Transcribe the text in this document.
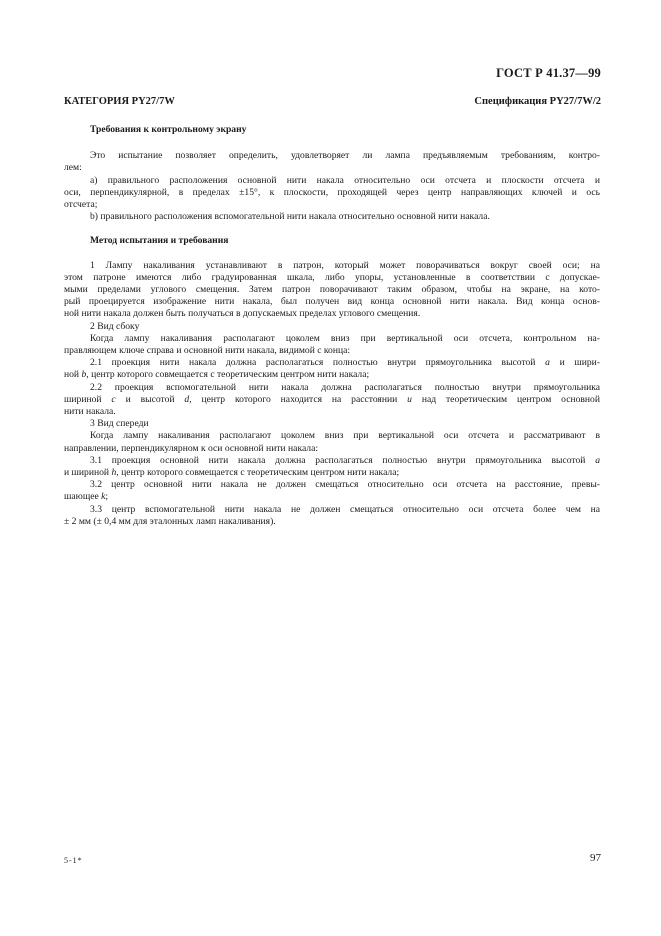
ГОСТ Р 41.37—99
КАТЕГОРИЯ PY27/7W	Спецификация PY27/7W/2
Требования к контрольному экрану
Это испытание позволяет определить, удовлетворяет ли лампа предъявляемым требованиям, контро-
лем:
а) правильного расположения основной нити накала относительно оси отсчета и плоскости отсчета и
оси, перпендикулярной, в пределах ±15°, к плоскости, проходящей через центр направляющих ключей и ось
отсчета;
b) правильного расположения вспомогательной нити накала относительно основной нити накала.
Метод испытания и требования
1 Лампу накаливания устанавливают в патрон, который может поворачиваться вокруг своей оси; на
этом патроне имеются либо градуированная шкала, либо упоры, установленные в соответствии с допускае-
мыми пределами углового смещения. Затем патрон поворачивают таким образом, чтобы на экране, на кото-
рый проецируется изображение нити накала, был получен вид конца основной нити накала. Вид конца основ-
ной нити накала должен быть получаться в допускаемых пределах углового смещения.
2 Вид сбоку
Когда лампу накаливания располагают цоколем вниз при вертикальной оси отсчета, контрольном на-
правляющем ключе справа и основной нити накала, видимой с конца:
2.1 проекция нити накала должна располагаться полностью внутри прямоугольника высотой a и шири-
ной b, центр которого совмещается с теоретическим центром нити накала;
2.2 проекция вспомогательной нити накала должна располагаться полностью внутри прямоугольника
шириной c и высотой d, центр которого находится на расстоянии u над теоретическим центром основной
нити накала.
3 Вид спереди
Когда лампу накаливания располагают цоколем вниз при вертикальной оси отсчета и рассматривают в
направлении, перпендикулярном к оси основной нити накала:
3.1 проекция основной нити накала должна располагаться полностью внутри прямоугольника высотой a
и шириной h, центр которого совмещается с теоретическим центром нити накала;
3.2 центр основной нити накала не должен смещаться относительно оси отсчета на расстояние, превы-
шающее k;
3.3 центр вспомогательной нити накала не должен смещаться относительно оси отсчета более чем на
± 2 мм (± 0,4 мм для эталонных ламп накаливания).
5-1*	97
